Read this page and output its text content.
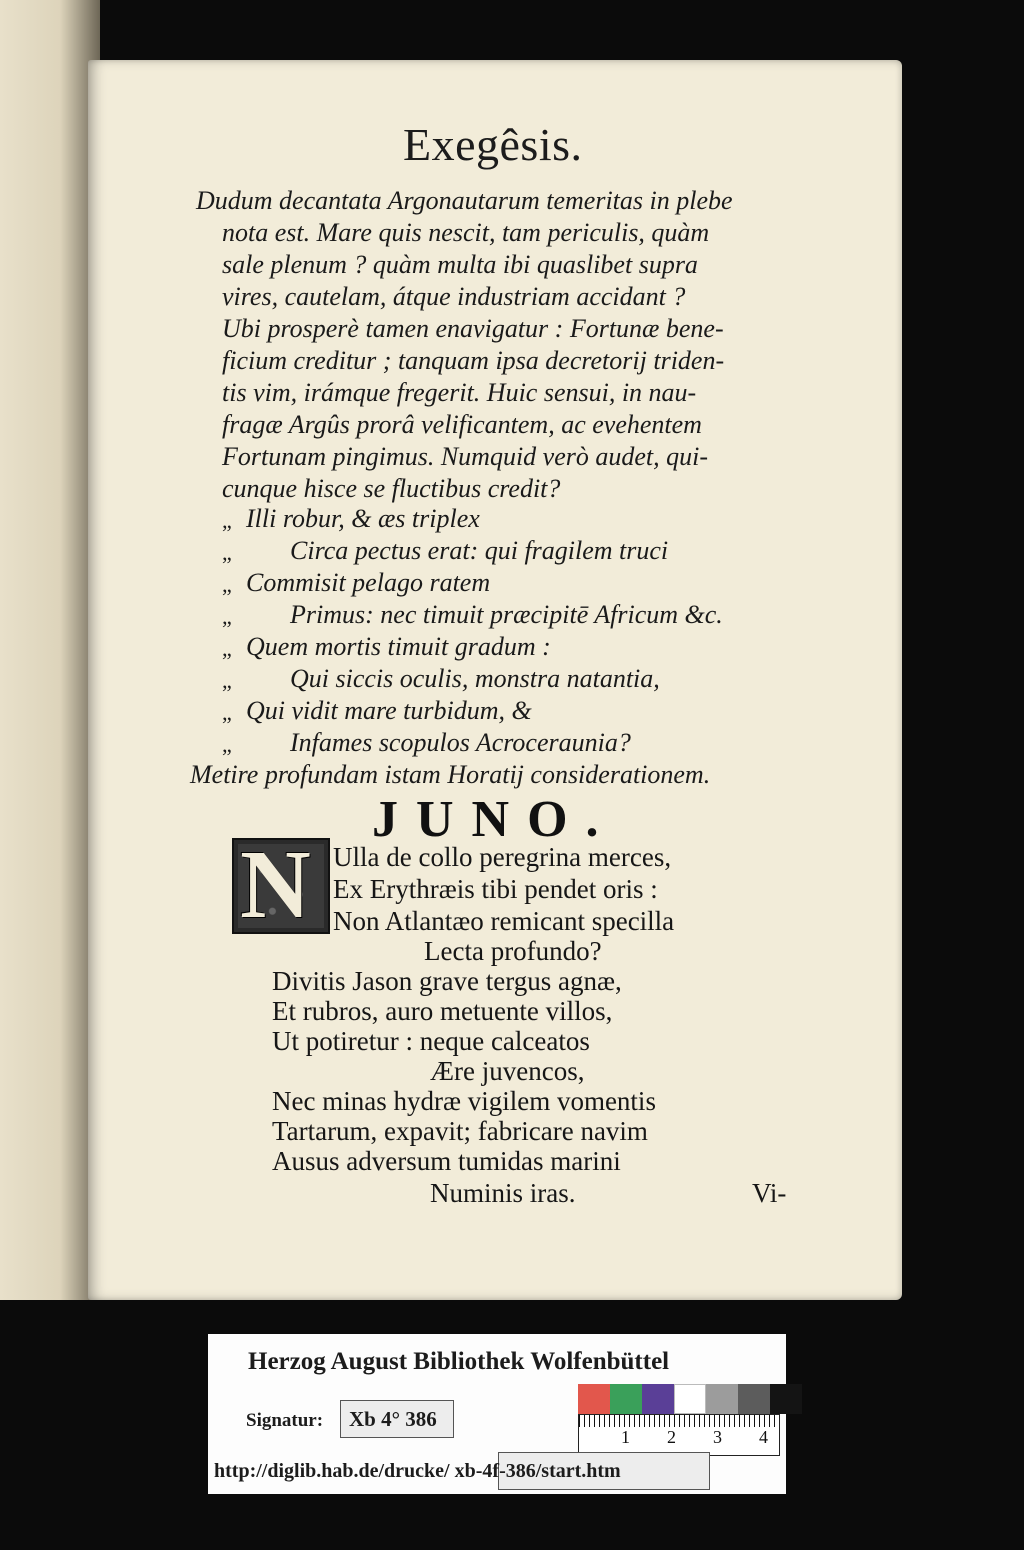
Exegêsis.
Dudum decantata Argonautarum temeritas in plebe
nota est. Mare quis nescit, tam periculis, quàm
sale plenum ? quàm multa ibi quaslibet supra
vires, cautelam, átque industriam accidant ?
Ubi prosperè tamen enavigatur : Fortunæ bene-
ficium creditur ; tanquam ipsa decretorij triden-
tis vim, irámque fregerit. Huic sensui, in nau-
fragæ Argûs prorâ velificantem, ac evehentem
Fortunam pingimus. Numquid verò audet, qui-
cunque hisce se fluctibus credit?
„ Illi robur, & æs triplex
„ Circa pectus erat: qui fragilem truci
„ Commisit pelago ratem
„ Primus: nec timuit præcipitē Africum &c.
„ Quem mortis timuit gradum :
„ Qui siccis oculis, monstra natantia,
„ Qui vidit mare turbidum, &
„ Infames scopulos Acroceraunia?
Metire profundam istam Horatij considerationem.
JUNO.
N Ulla de collo peregrina merces,
Ex Erythræis tibi pendet oris :
Non Atlantæo remicant specilla
Lecta profundo?
Divitis Jason grave tergus agnæ,
Et rubros, auro metuente villos,
Ut potiretur : neque calceatos
Ære juvencos,
Nec minas hydræ vigilem vomentis
Tartarum, expavit; fabricare navim
Ausus adversum tumidas marini
Numinis iras.	Vi-
Herzog August Bibliothek Wolfenbüttel
Signatur: Xb 4° 386
1 2 3 4
http://diglib.hab.de/drucke/ xb-4f-386/start.htm
